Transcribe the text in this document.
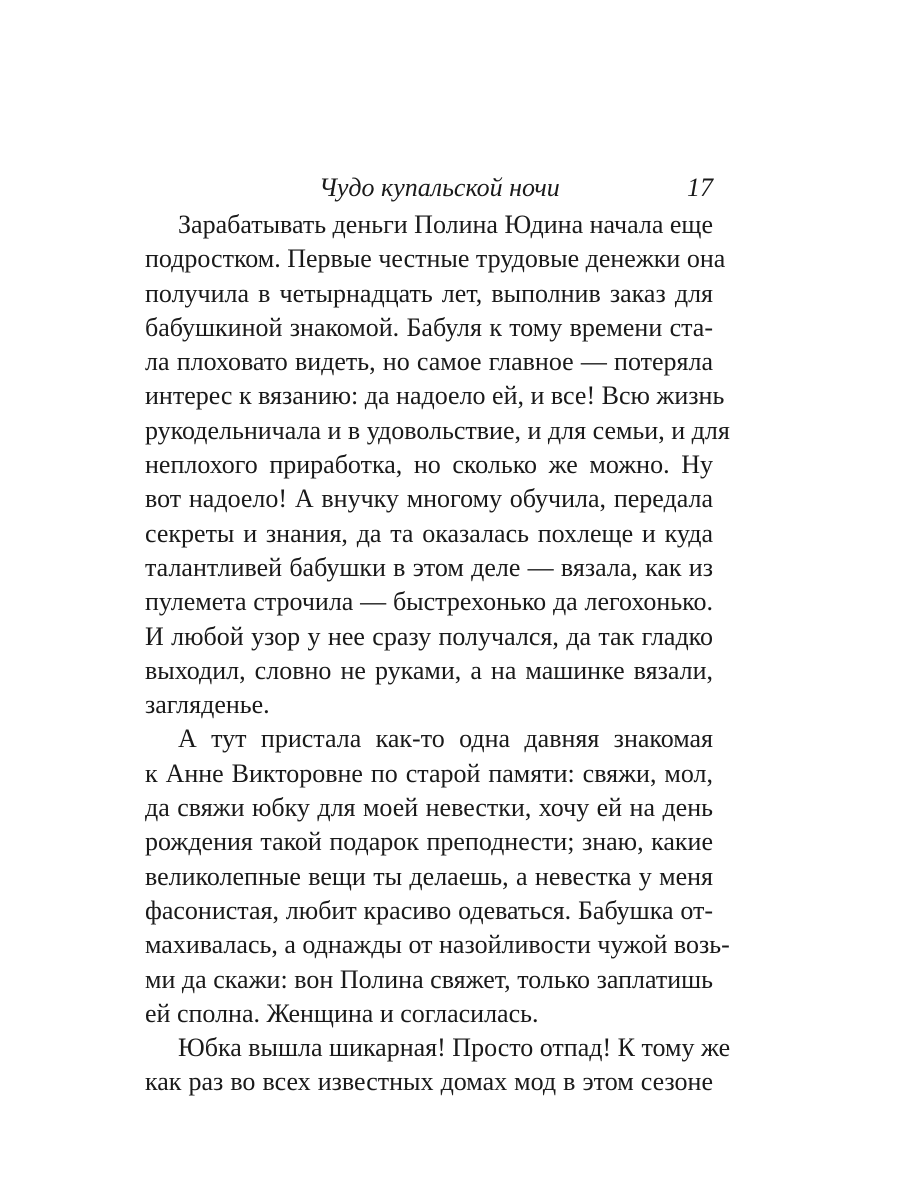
Чудо купальской ночи	17
Зарабатывать деньги Полина Юдина начала еще
подростком. Первые честные трудовые денежки она
получила в четырнадцать лет, выполнив заказ для
бабушкиной знакомой. Бабуля к тому времени ста-
ла плоховато видеть, но самое главное — потеряла
интерес к вязанию: да надоело ей, и все! Всю жизнь
рукодельничала и в удовольствие, и для семьи, и для
неплохого приработка, но сколько же можно. Ну
вот надоело! А внучку многому обучила, передала
секреты и знания, да та оказалась похлеще и куда
талантливей бабушки в этом деле — вязала, как из
пулемета строчила — быстрехонько да легохонько.
И любой узор у нее сразу получался, да так гладко
выходил, словно не руками, а на машинке вязали,
загляденье.
А тут пристала как-то одна давняя знакомая
к Анне Викторовне по старой памяти: свяжи, мол,
да свяжи юбку для моей невестки, хочу ей на день
рождения такой подарок преподнести; знаю, какие
великолепные вещи ты делаешь, а невестка у меня
фасонистая, любит красиво одеваться. Бабушка от-
махивалась, а однажды от назойливости чужой возь-
ми да скажи: вон Полина свяжет, только заплатишь
ей сполна. Женщина и согласилась.
Юбка вышла шикарная! Просто отпад! К тому же
как раз во всех известных домах мод в этом сезоне
